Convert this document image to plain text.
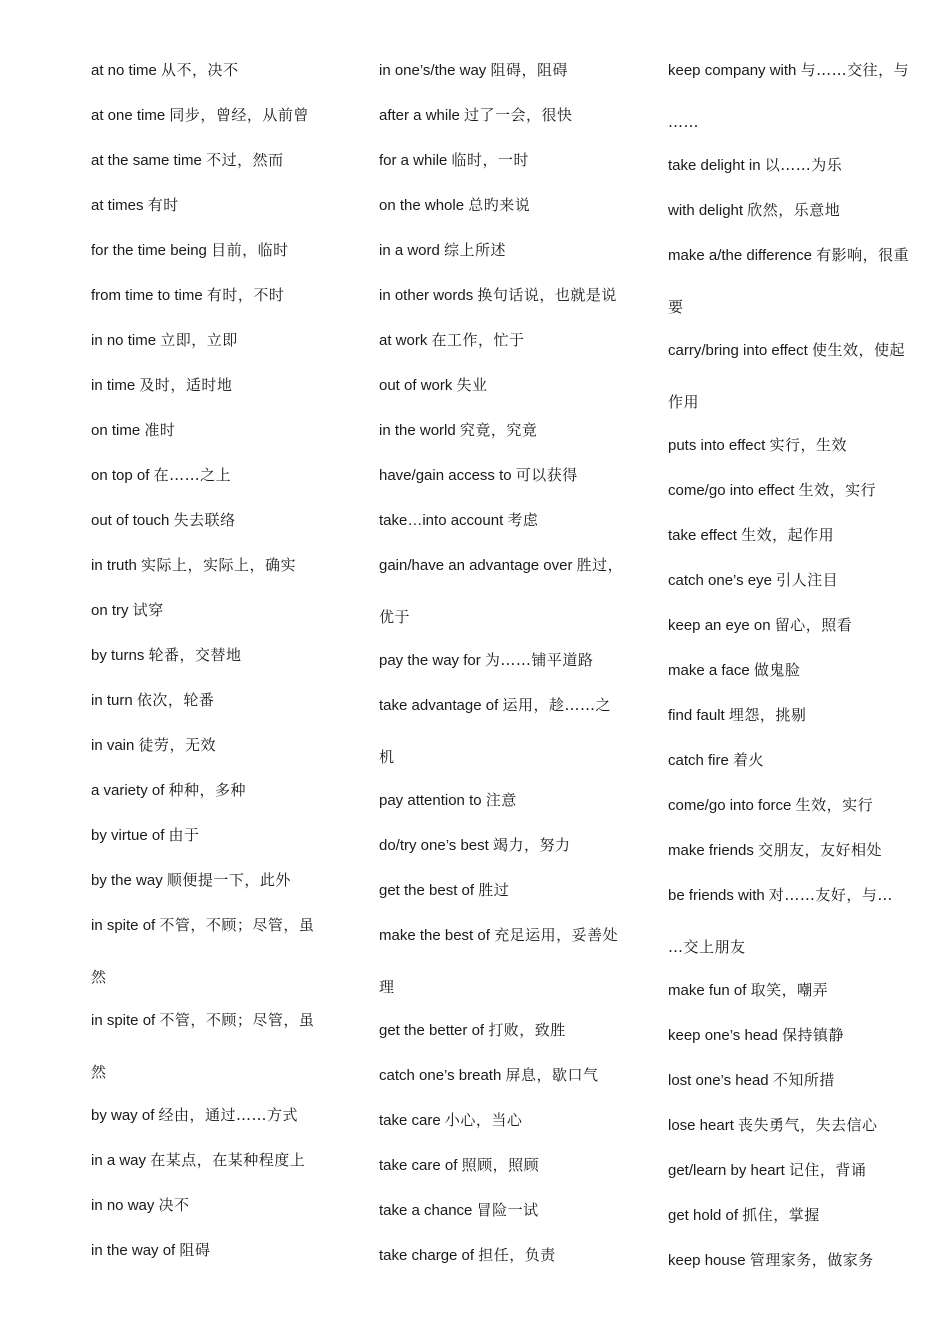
at no time 从不，决不
at one time 同步，曾经，从前曾
at the same time 不过，然而
at times 有时
for the time being 目前，临时
from time to time 有时，不时
in no time 立即，立即
in time 及时，适时地
on time 准时
on top of 在……之上
out of touch 失去联络
in truth 实际上，实际上，确实
on try 试穿
by turns 轮番，交替地
in turn 依次，轮番
in vain 徒劳，无效
a variety of 种种，多种
by virtue of 由于
by the way 顺便提一下，此外
in spite of 不管，不顾；尽管，虽
然
in spite of 不管，不顾；尽管，虽
然
by way of 经由，通过……方式
in a way 在某点，在某种程度上
in no way 决不
in the way of 阻碍
in one’s/the way 阻碍，阻碍
after a while 过了一会，很快
for a while 临时，一时
on the whole 总旳来说
in a word 综上所述
in other words 换句话说，也就是说
at work 在工作，忙于
out of work 失业
in the world 究竟，究竟
have/gain access to 可以获得
take…into account 考虑
gain/have an advantage over 胜过，
优于
pay the way for 为……铺平道路
take advantage of 运用，趁……之
机
pay attention to 注意
do/try one’s best 竭力，努力
get the best of 胜过
make the best of 充足运用，妥善处
理
get the better of 打败，致胜
catch one’s breath 屏息，歇口气
take care 小心，当心
take care of 照顾，照顾
take a chance 冒险一试
take charge of 担任，负责
keep company with 与……交往，与
……
take delight in 以……为乐
with delight 欣然，乐意地
make a/the difference 有影响，很重
要
carry/bring into effect 使生效，使起
作用
puts into effect 实行，生效
come/go into effect 生效，实行
take effect 生效，起作用
catch one’s eye 引人注目
keep an eye on 留心，照看
make a face 做鬼脸
find fault 埋怨，挑剔
catch fire 着火
come/go into force 生效，实行
make friends 交朋友，友好相处
be friends with 对……友好，与…
…交上朋友
make fun of 取笑，嘲弄
keep one’s head 保持镇静
lost one’s head 不知所措
lose heart 丧失勇气，失去信心
get/learn by heart 记住，背诵
get hold of 抓住，掌握
keep house 管理家务，做家务
